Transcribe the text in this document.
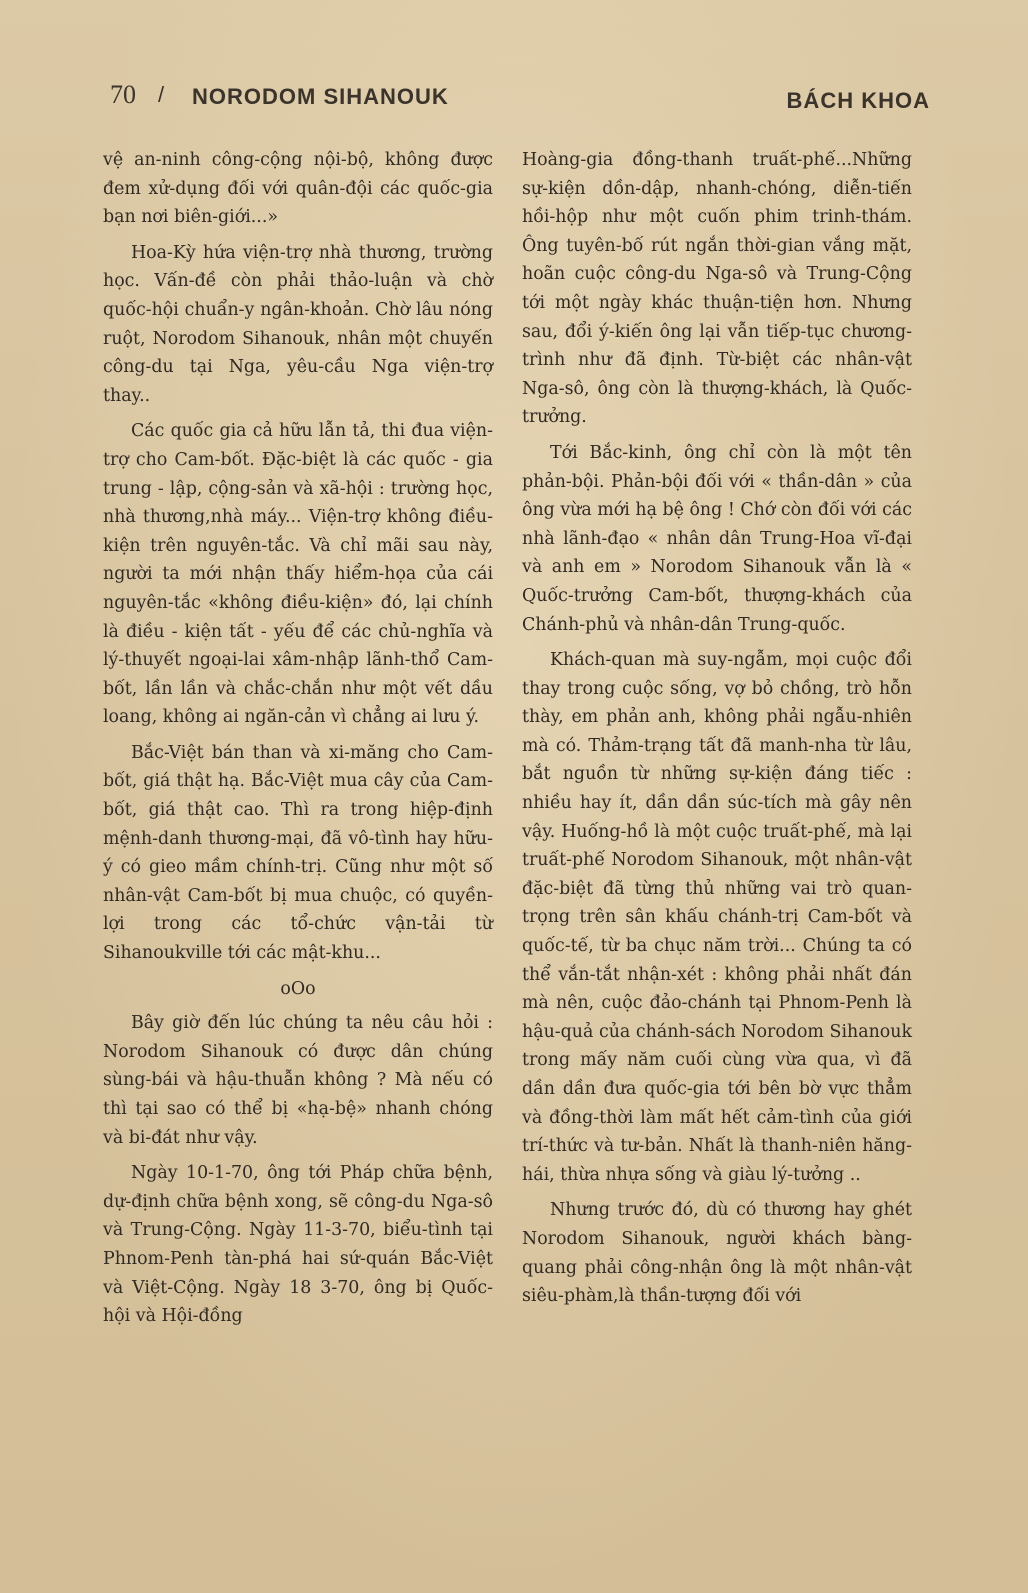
70 / NORODOM SIHANOUK	BÁCH KHOA

vệ an-ninh công-cộng nội-bộ, không được đem xử-dụng đối với quân-đội các quốc-gia bạn nơi biên-giới...»

Hoa-Kỳ hứa viện-trợ nhà thương, trường học. Vấn-đề còn phải thảo-luận và chờ quốc-hội chuẩn-y ngân-khoản. Chờ lâu nóng ruột, Norodom Sihanouk, nhân một chuyến công-du tại Nga, yêu-cầu Nga viện-trợ thay..

Các quốc gia cả hữu lẫn tả, thi đua viện-trợ cho Cam-bốt. Đặc-biệt là các quốc - gia trung - lập, cộng-sản và xã-hội : trường học, nhà thương,nhà máy... Viện-trợ không điều-kiện trên nguyên-tắc. Và chỉ mãi sau này, người ta mới nhận thấy hiểm-họa của cái nguyên-tắc «không điều-kiện» đó, lại chính là điều - kiện tất - yếu để các chủ-nghĩa và lý-thuyết ngoại-lai xâm-nhập lãnh-thổ Cam-bốt, lần lần và chắc-chắn như một vết dầu loang, không ai ngăn-cản vì chẳng ai lưu ý.

Bắc-Việt bán than và xi-măng cho Cam-bốt, giá thật hạ. Bắc-Việt mua cây của Cam-bốt, giá thật cao. Thì ra trong hiệp-định mệnh-danh thương-mại, đã vô-tình hay hữu-ý có gieo mầm chính-trị. Cũng như một số nhân-vật Cam-bốt bị mua chuộc, có quyền-lợi trong các tổ-chức vận-tải từ Sihanoukville tới các mật-khu...

oOo

Bây giờ đến lúc chúng ta nêu câu hỏi : Norodom Sihanouk có được dân chúng sùng-bái và hậu-thuẫn không ? Mà nếu có thì tại sao có thể bị «hạ-bệ» nhanh chóng và bi-đát như vậy.

Ngày 10-1-70, ông tới Pháp chữa bệnh, dự-định chữa bệnh xong, sẽ công-du Nga-sô và Trung-Cộng. Ngày 11-3-70, biểu-tình tại Phnom-Penh tàn-phá hai sứ-quán Bắc-Việt và Việt-Cộng. Ngày 18 3-70, ông bị Quốc-hội và Hội-đồng

Hoàng-gia đồng-thanh truất-phế...Những sự-kiện dồn-dập, nhanh-chóng, diễn-tiến hồi-hộp như một cuốn phim trinh-thám. Ông tuyên-bố rút ngắn thời-gian vắng mặt, hoãn cuộc công-du Nga-sô và Trung-Cộng tới một ngày khác thuận-tiện hơn. Nhưng sau, đổi ý-kiến ông lại vẫn tiếp-tục chương-trình như đã định. Từ-biệt các nhân-vật Nga-sô, ông còn là thượng-khách, là Quốc-trưởng.

Tới Bắc-kinh, ông chỉ còn là một tên phản-bội. Phản-bội đối với « thần-dân » của ông vừa mới hạ bệ ông ! Chớ còn đối với các nhà lãnh-đạo « nhân dân Trung-Hoa vĩ-đại và anh em » Norodom Sihanouk vẫn là « Quốc-trưởng Cam-bốt, thượng-khách của Chánh-phủ và nhân-dân Trung-quốc.

Khách-quan mà suy-ngẫm, mọi cuộc đổi thay trong cuộc sống, vợ bỏ chồng, trò hỗn thày, em phản anh, không phải ngẫu-nhiên mà có. Thảm-trạng tất đã manh-nha từ lâu, bắt nguồn từ những sự-kiện đáng tiếc : nhiều hay ít, dần dần súc-tích mà gây nên vậy. Huống-hồ là một cuộc truất-phế, mà lại truất-phế Norodom Sihanouk, một nhân-vật đặc-biệt đã từng thủ những vai trò quan-trọng trên sân khấu chánh-trị Cam-bốt và quốc-tế, từ ba chục năm trời... Chúng ta có thể vắn-tắt nhận-xét : không phải nhất đán mà nên, cuộc đảo-chánh tại Phnom-Penh là hậu-quả của chánh-sách Norodom Sihanouk trong mấy năm cuối cùng vừa qua, vì đã dần dần đưa quốc-gia tới bên bờ vực thẳm và đồng-thời làm mất hết cảm-tình của giới trí-thức và tư-bản. Nhất là thanh-niên hăng-hái, thừa nhựa sống và giàu lý-tưởng ..

Nhưng trước đó, dù có thương hay ghét Norodom Sihanouk, người khách bàng-quang phải công-nhận ông là một nhân-vật siêu-phàm,là thần-tượng đối với
